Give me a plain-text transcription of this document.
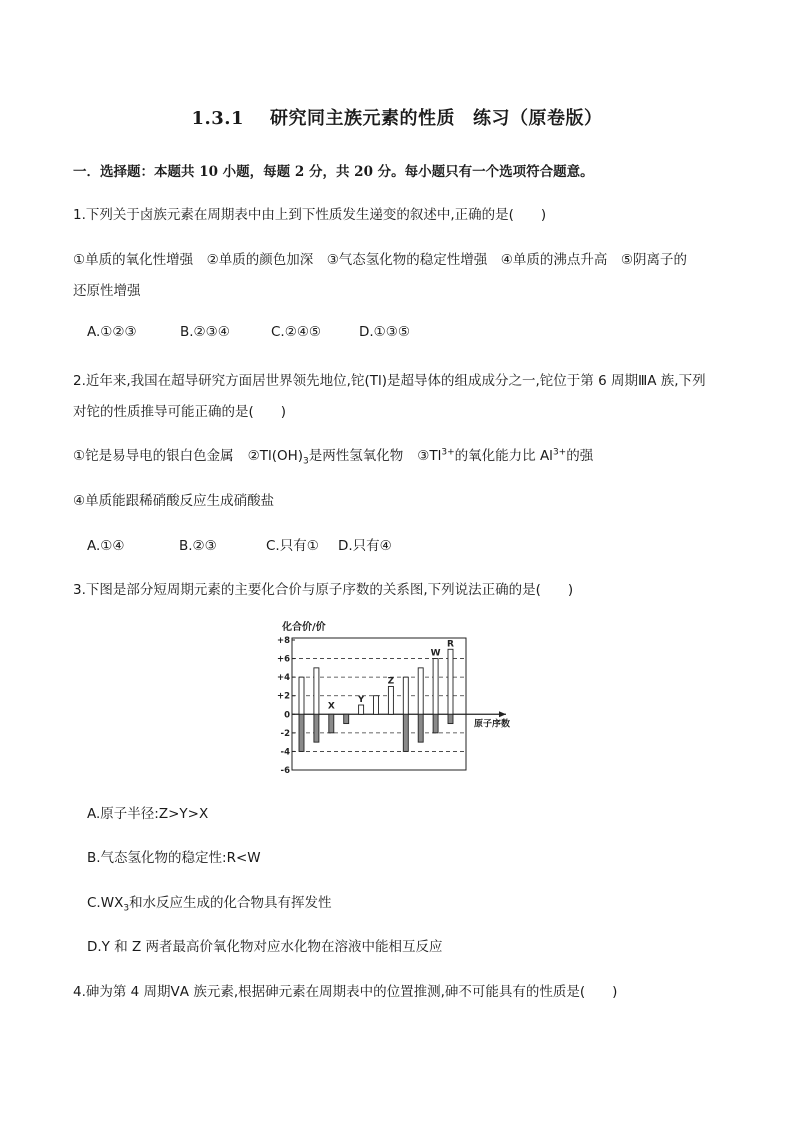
1.3.1 研究同主族元素的性质 练习（原卷版）
一．选择题：本题共 10 小题，每题 2 分，共 20 分。每小题只有一个选项符合题意。
1.下列关于卤族元素在周期表中由上到下性质发生递变的叙述中,正确的是(　　)
①单质的氧化性增强　②单质的颜色加深　③气态氢化物的稳定性增强　④单质的沸点升高　⑤阴离子的
还原性增强
A.①②③	B.②③④	C.②④⑤	D.①③⑤
2.近年来,我国在超导研究方面居世界领先地位,铊(Tl)是超导体的组成成分之一,铊位于第 6 周期ⅢA 族,下列
对铊的性质推导可能正确的是(　　)
①铊是易导电的银白色金属 $②Tl(OH)_3$是两性氢氧化物 $③Tl^{3+}$的氧化能力比 $Al^{3+}$的强
④单质能跟稀硝酸反应生成硝酸盐
A.①④	B.②③	C.只有① D.只有④
3.下图是部分短周期元素的主要化合价与原子序数的关系图,下列说法正确的是(　　)
化合价/价
原子序数
+8
+6
+4
+2
0
-2
-4
-6
X
Y
Z
W
R
A.原子半径:Z>Y>X
B.气态氢化物的稳定性:R<W
$C.WX_3$和水反应生成的化合物具有挥发性
D.Y 和 Z 两者最高价氧化物对应水化物在溶液中能相互反应
4.砷为第 4 周期ⅤA 族元素,根据砷元素在周期表中的位置推测,砷不可能具有的性质是(　　)
